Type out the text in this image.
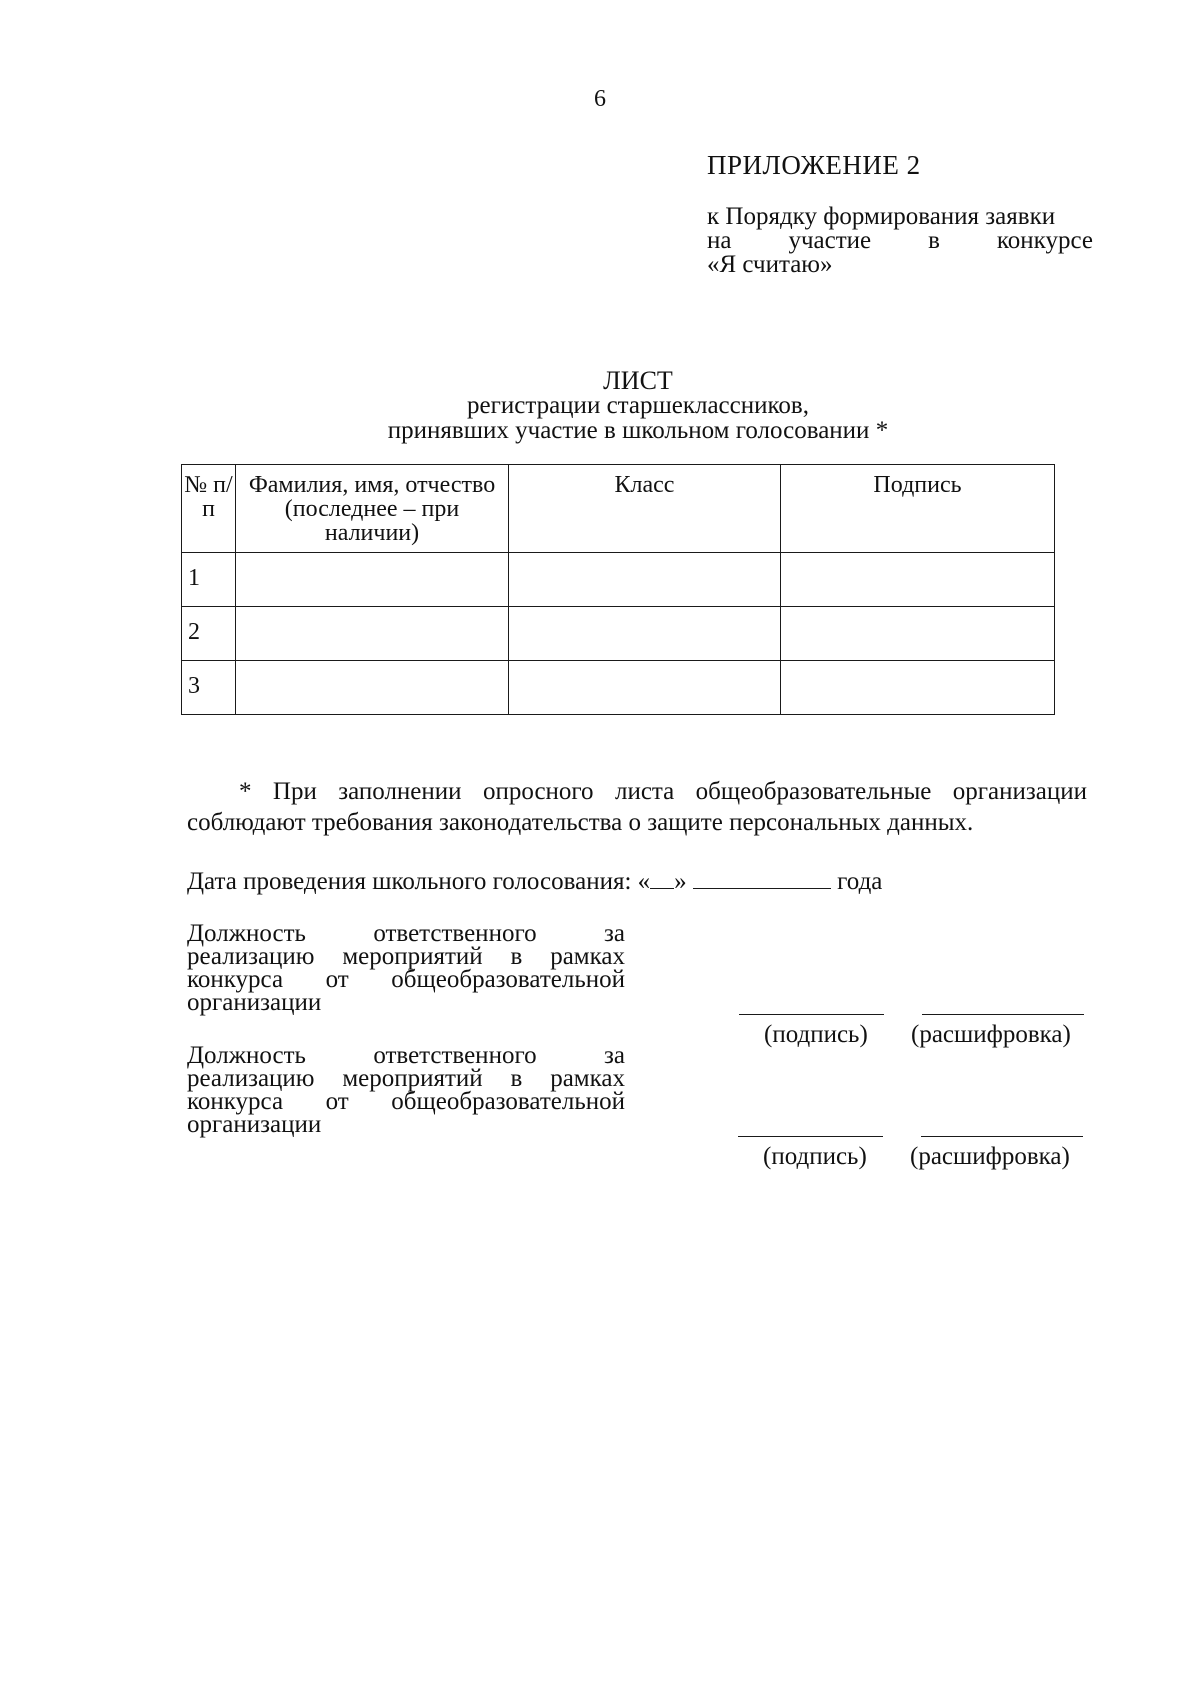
6
ПРИЛОЖЕНИЕ 2
к Порядку формирования заявки
на участие в конкурсе
«Я считаю»
ЛИСТ
регистрации старшеклассников,
принявших участие в школьном голосовании *
№ п/п	Фамилия, имя, отчество (последнее – при наличии)	Класс	Подпись
1			
2			
3			
* При заполнении опросного листа общеобразовательные организации соблюдают требования законодательства о защите персональных данных.
Дата проведения школьного голосования: « »	года
Должность	ответственного	за
реализацию мероприятий в рамках
конкурса от общеобразовательной
организации
(подпись) (расшифровка)
Должность	ответственного	за
реализацию мероприятий в рамках
конкурса от общеобразовательной
организации
(подпись) (расшифровка)
